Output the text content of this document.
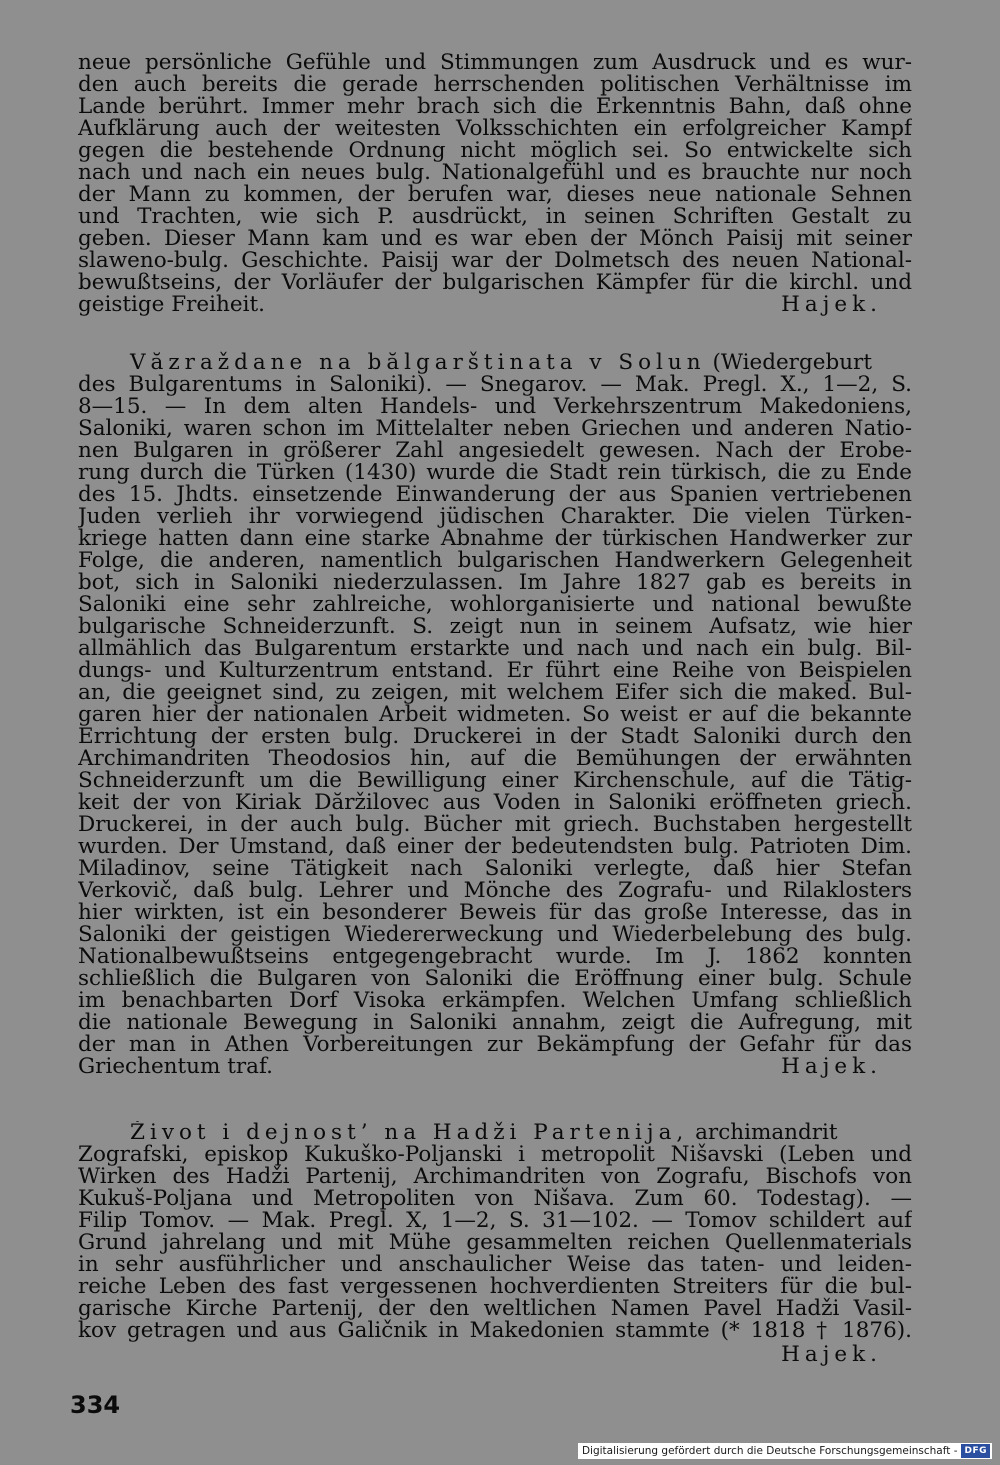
neue persönliche Gefühle und Stimmungen zum Ausdruck und es wur-
den auch bereits die gerade herrschenden politischen Verhältnisse im
Lande berührt. Immer mehr brach sich die Erkenntnis Bahn, daß ohne
Aufklärung auch der weitesten Volksschichten ein erfolgreicher Kampf
gegen die bestehende Ordnung nicht möglich sei. So entwickelte sich
nach und nach ein neues bulg. Nationalgefühl und es brauchte nur noch
der Mann zu kommen, der berufen war, dieses neue nationale Sehnen
und Trachten, wie sich P. ausdrückt, in seinen Schriften Gestalt zu
geben. Dieser Mann kam und es war eben der Mönch Paisij mit seiner
slaweno-bulg. Geschichte. Paisij war der Dolmetsch des neuen National-
bewußtseins, der Vorläufer der bulgarischen Kämpfer für die kirchl. und
geistige Freiheit.	Hajek.
Văzraždane na bălgarštinata v Solun (Wiedergeburt
des Bulgarentums in Saloniki). — Snegarov. — Mak. Pregl. X., 1—2, S.
8—15. — In dem alten Handels- und Verkehrszentrum Makedoniens,
Saloniki, waren schon im Mittelalter neben Griechen und anderen Natio-
nen Bulgaren in größerer Zahl angesiedelt gewesen. Nach der Erobe-
rung durch die Türken (1430) wurde die Stadt rein türkisch, die zu Ende
des 15. Jhdts. einsetzende Einwanderung der aus Spanien vertriebenen
Juden verlieh ihr vorwiegend jüdischen Charakter. Die vielen Türken-
kriege hatten dann eine starke Abnahme der türkischen Handwerker zur
Folge, die anderen, namentlich bulgarischen Handwerkern Gelegenheit
bot, sich in Saloniki niederzulassen. Im Jahre 1827 gab es bereits in
Saloniki eine sehr zahlreiche, wohlorganisierte und national bewußte
bulgarische Schneiderzunft. S. zeigt nun in seinem Aufsatz, wie hier
allmählich das Bulgarentum erstarkte und nach und nach ein bulg. Bil-
dungs- und Kulturzentrum entstand. Er führt eine Reihe von Beispielen
an, die geeignet sind, zu zeigen, mit welchem Eifer sich die maked. Bul-
garen hier der nationalen Arbeit widmeten. So weist er auf die bekannte
Errichtung der ersten bulg. Druckerei in der Stadt Saloniki durch den
Archimandriten Theodosios hin, auf die Bemühungen der erwähnten
Schneiderzunft um die Bewilligung einer Kirchenschule, auf die Tätig-
keit der von Kiriak Dăržilovec aus Voden in Saloniki eröffneten griech.
Druckerei, in der auch bulg. Bücher mit griech. Buchstaben hergestellt
wurden. Der Umstand, daß einer der bedeutendsten bulg. Patrioten Dim.
Miladinov, seine Tätigkeit nach Saloniki verlegte, daß hier Stefan
Verkovič, daß bulg. Lehrer und Mönche des Zografu- und Rilaklosters
hier wirkten, ist ein besonderer Beweis für das große Interesse, das in
Saloniki der geistigen Wiedererweckung und Wiederbelebung des bulg.
Nationalbewußtseins entgegengebracht wurde. Im J. 1862 konnten
schließlich die Bulgaren von Saloniki die Eröffnung einer bulg. Schule
im benachbarten Dorf Visoka erkämpfen. Welchen Umfang schließlich
die nationale Bewegung in Saloniki annahm, zeigt die Aufregung, mit
der man in Athen Vorbereitungen zur Bekämpfung der Gefahr für das
Griechentum traf.	Hajek.
Život i dejnost’ na Hadži Partenija, archimandrit
Zografski, episkop Kukuško-Poljanski i metropolit Nišavski (Leben und
Wirken des Hadži Partenij, Archimandriten von Zografu, Bischofs von
Kukuš-Poljana und Metropoliten von Nišava. Zum 60. Todestag). —
Filip Tomov. — Mak. Pregl. X, 1—2, S. 31—102. — Tomov schildert auf
Grund jahrelang und mit Mühe gesammelten reichen Quellenmaterials
in sehr ausführlicher und anschaulicher Weise das taten- und leiden-
reiche Leben des fast vergessenen hochverdienten Streiters für die bul-
garische Kirche Partenij, der den weltlichen Namen Pavel Hadži Vasil-
kov getragen und aus Galičnik in Makedonien stammte (* 1818 † 1876).
Hajek.
334
Digitalisierung gefördert durch die Deutsche Forschungsgemeinschaft - DFG
